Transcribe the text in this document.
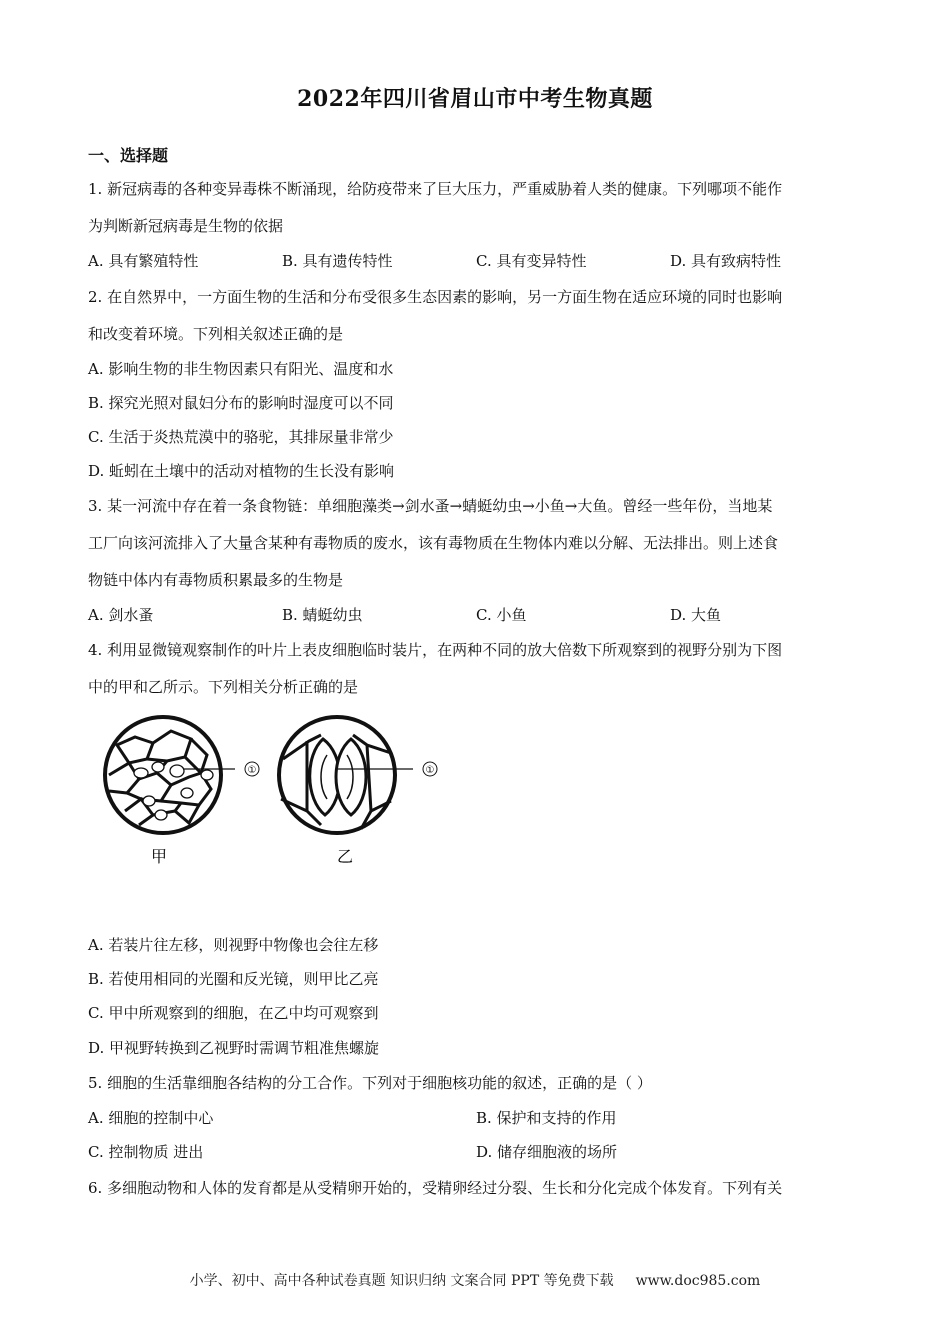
2022年四川省眉山市中考生物真题
一、选择题
1. 新冠病毒的各种变异毒株不断涌现，给防疫带来了巨大压力，严重威胁着人类的健康。下列哪项不能作
为判断新冠病毒是生物的依据
A. 具有繁殖特性	B. 具有遗传特性	C. 具有变异特性	D. 具有致病特性
2. 在自然界中，一方面生物的生活和分布受很多生态因素的影响，另一方面生物在适应环境的同时也影响
和改变着环境。下列相关叙述正确的是
A. 影响生物的非生物因素只有阳光、温度和水
B. 探究光照对鼠妇分布的影响时湿度可以不同
C. 生活于炎热荒漠中的骆驼，其排尿量非常少
D. 蚯蚓在土壤中的活动对植物的生长没有影响
3. 某一河流中存在着一条食物链：单细胞藻类→剑水蚤→蜻蜓幼虫→小鱼→大鱼。曾经一些年份，当地某
工厂向该河流排入了大量含某种有毒物质的废水，该有毒物质在生物体内难以分解、无法排出。则上述食
物链中体内有毒物质积累最多的生物是
A. 剑水蚤	B. 蜻蜓幼虫	C. 小鱼	D. 大鱼
4. 利用显微镜观察制作的叶片上表皮细胞临时装片，在两种不同的放大倍数下所观察到的视野分别为下图
中的甲和乙所示。下列相关分析正确的是
①
甲
①
乙
A. 若装片往左移，则视野中物像也会往左移
B. 若使用相同的光圈和反光镜，则甲比乙亮
C. 甲中所观察到的细胞，在乙中均可观察到
D. 甲视野转换到乙视野时需调节粗准焦螺旋
5. 细胞的生活靠细胞各结构的分工合作。下列对于细胞核功能的叙述，正确的是（ ）
A. 细胞的控制中心	B. 保护和支持的作用
C. 控制物质 进出	D. 储存细胞液的场所
6. 多细胞动物和人体的发育都是从受精卵开始的，受精卵经过分裂、生长和分化完成个体发育。下列有关
小学、初中、高中各种试卷真题 知识归纳 文案合同 PPT 等免费下载 www.doc985.com
